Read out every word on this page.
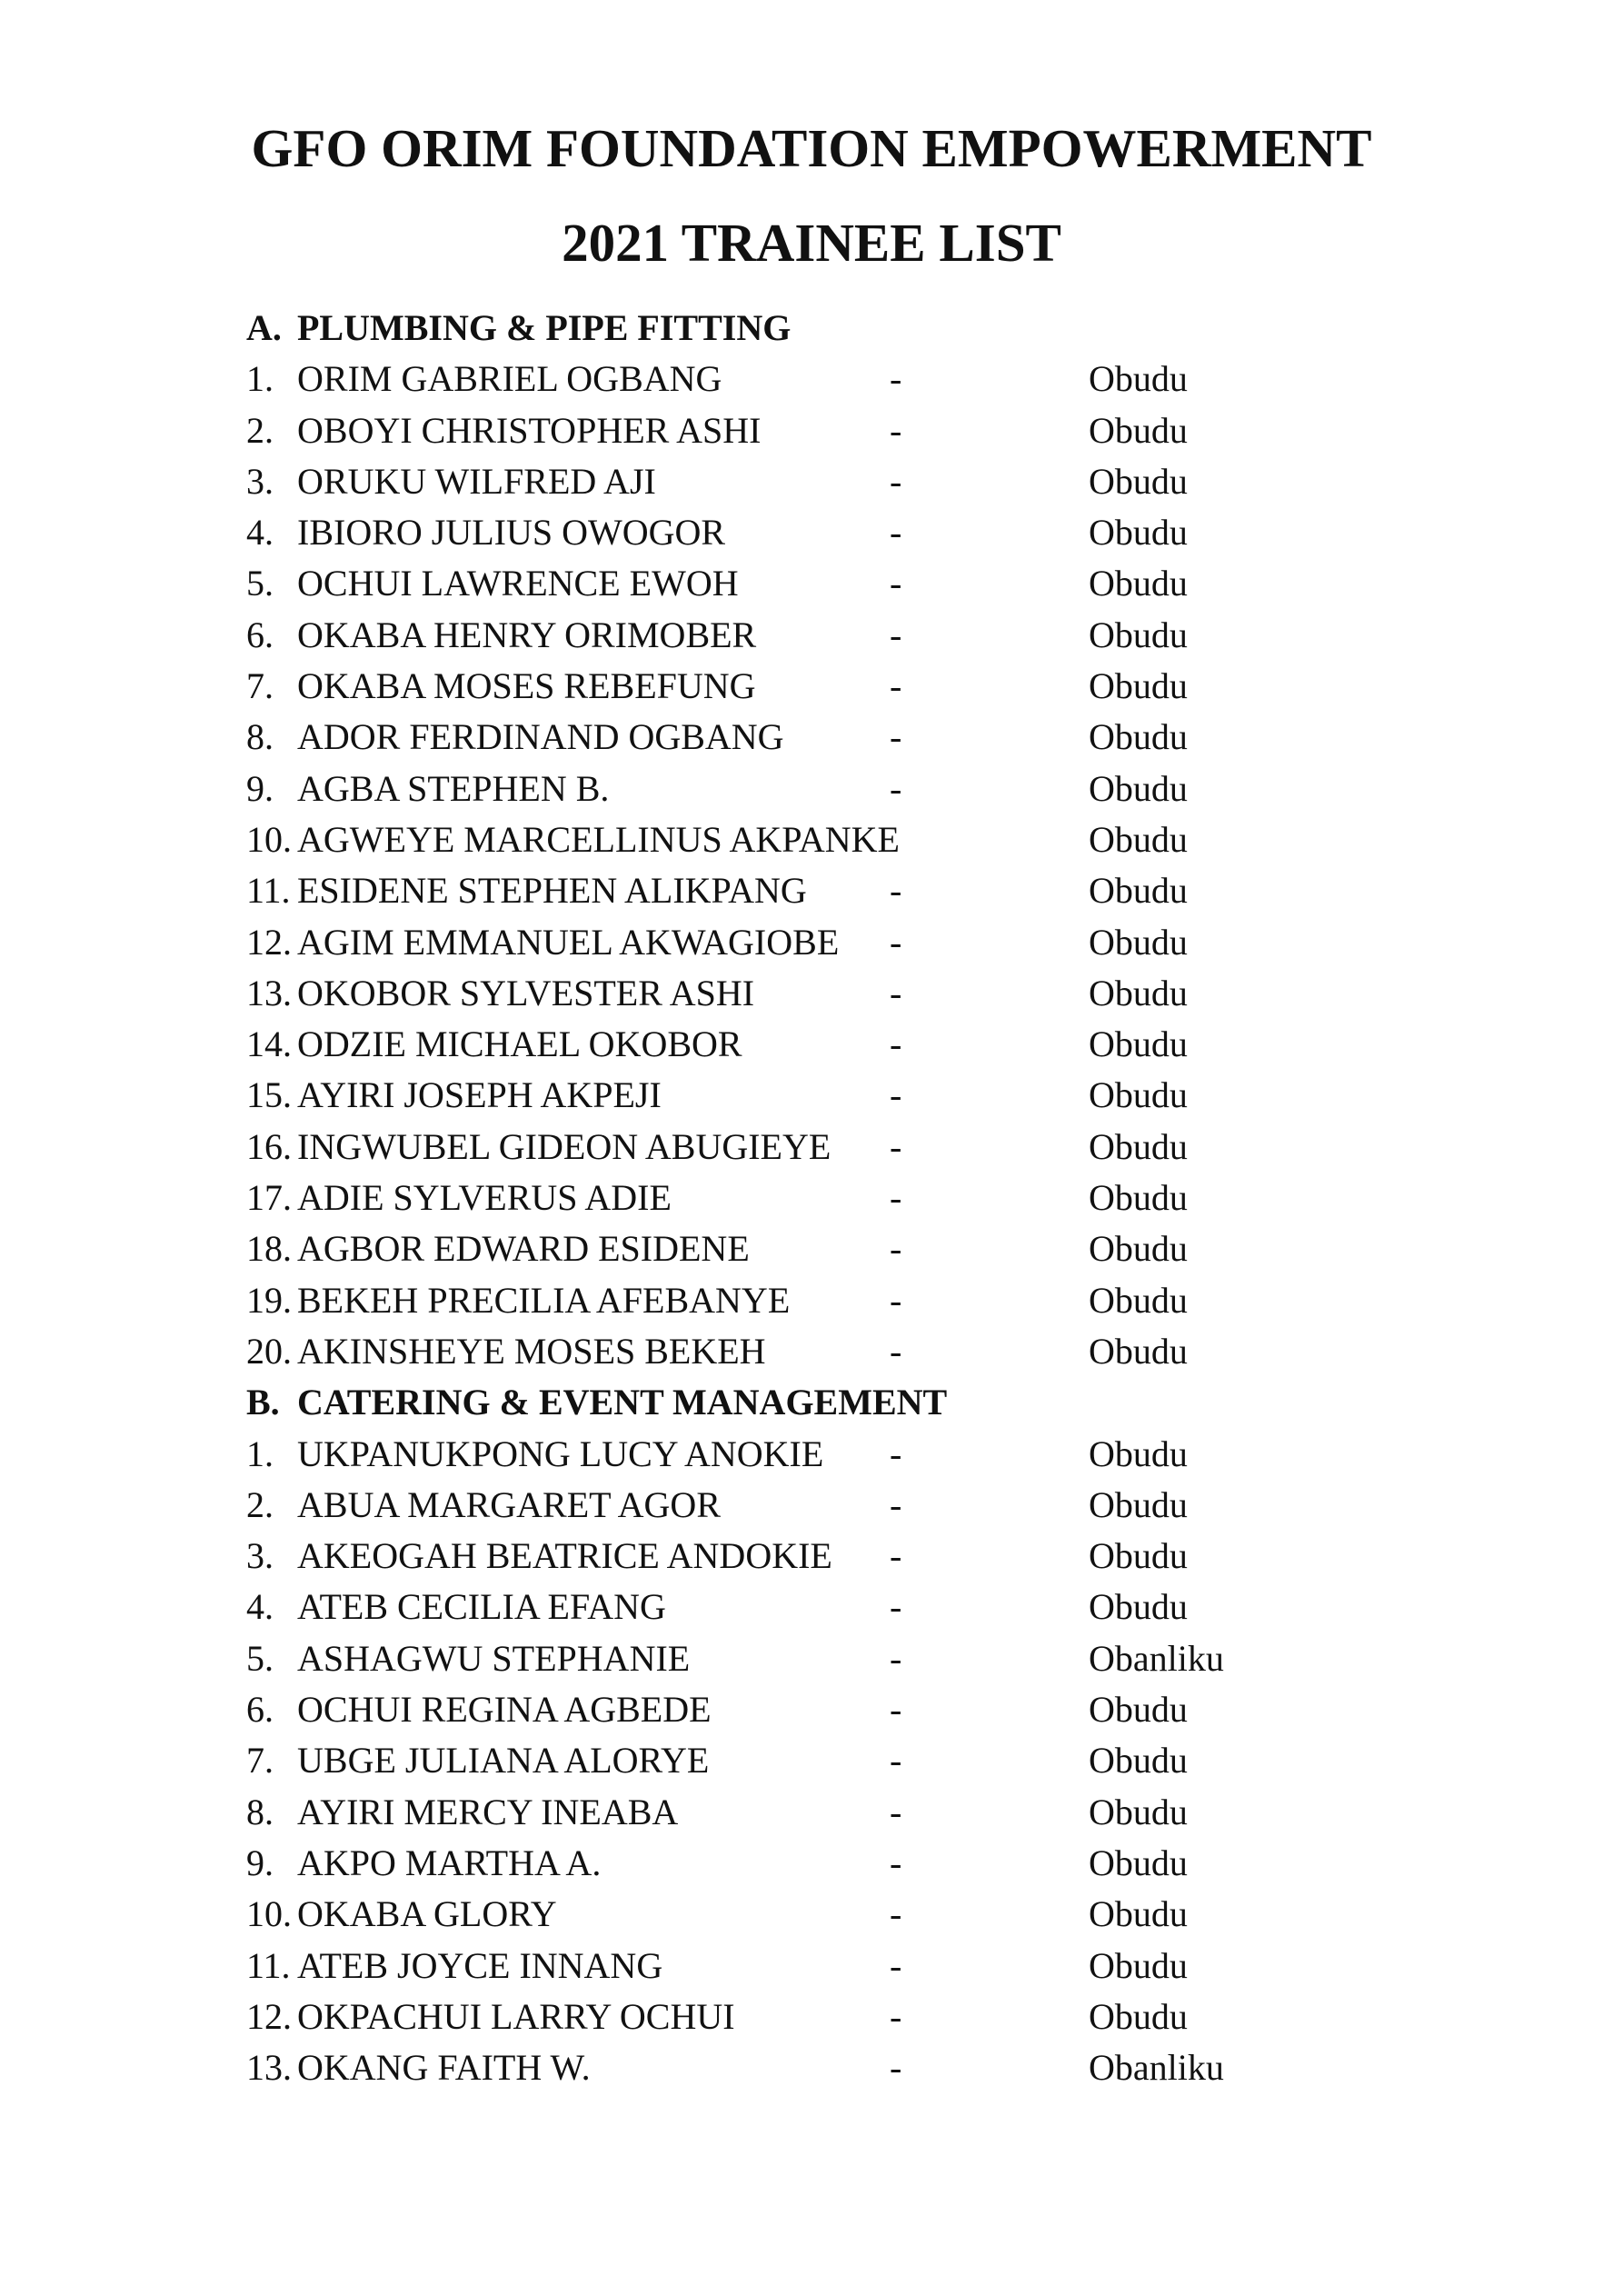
GFO ORIM FOUNDATION EMPOWERMENT
2021 TRAINEE LIST
A. PLUMBING & PIPE FITTING
1. ORIM GABRIEL OGBANG	-	Obudu
2. OBOYI CHRISTOPHER ASHI	-	Obudu
3. ORUKU WILFRED AJI	-	Obudu
4. IBIORO JULIUS OWOGOR	-	Obudu
5. OCHUI LAWRENCE EWOH	-	Obudu
6. OKABA HENRY ORIMOBER	-	Obudu
7. OKABA MOSES REBEFUNG	-	Obudu
8. ADOR FERDINAND OGBANG	-	Obudu
9. AGBA STEPHEN B.	-	Obudu
10. AGWEYE MARCELLINUS AKPANKE	Obudu
11. ESIDENE STEPHEN ALIKPANG -	Obudu
12. AGIM EMMANUEL AKWAGIOBE -	Obudu
13. OKOBOR SYLVESTER ASHI	-	Obudu
14. ODZIE MICHAEL OKOBOR	-	Obudu
15. AYIRI JOSEPH AKPEJI	-	Obudu
16. INGWUBEL GIDEON ABUGIEYE -	Obudu
17. ADIE SYLVERUS ADIE	-	Obudu
18. AGBOR EDWARD ESIDENE	-	Obudu
19. BEKEH PRECILIA AFEBANYE	-	Obudu
20. AKINSHEYE MOSES BEKEH	-	Obudu
B. CATERING & EVENT MANAGEMENT
1. UKPANUKPONG LUCY ANOKIE -	Obudu
2. ABUA MARGARET AGOR	-	Obudu
3. AKEOGAH BEATRICE ANDOKIE -	Obudu
4. ATEB CECILIA EFANG	-	Obudu
5. ASHAGWU STEPHANIE	-	Obanliku
6. OCHUI REGINA AGBEDE	-	Obudu
7. UBGE JULIANA ALORYE	-	Obudu
8. AYIRI MERCY INEABA	-	Obudu
9. AKPO MARTHA A.	-	Obudu
10. OKABA GLORY	-	Obudu
11. ATEB JOYCE INNANG	-	Obudu
12. OKPACHUI LARRY OCHUI	-	Obudu
13. OKANG FAITH W.	-	Obanliku
